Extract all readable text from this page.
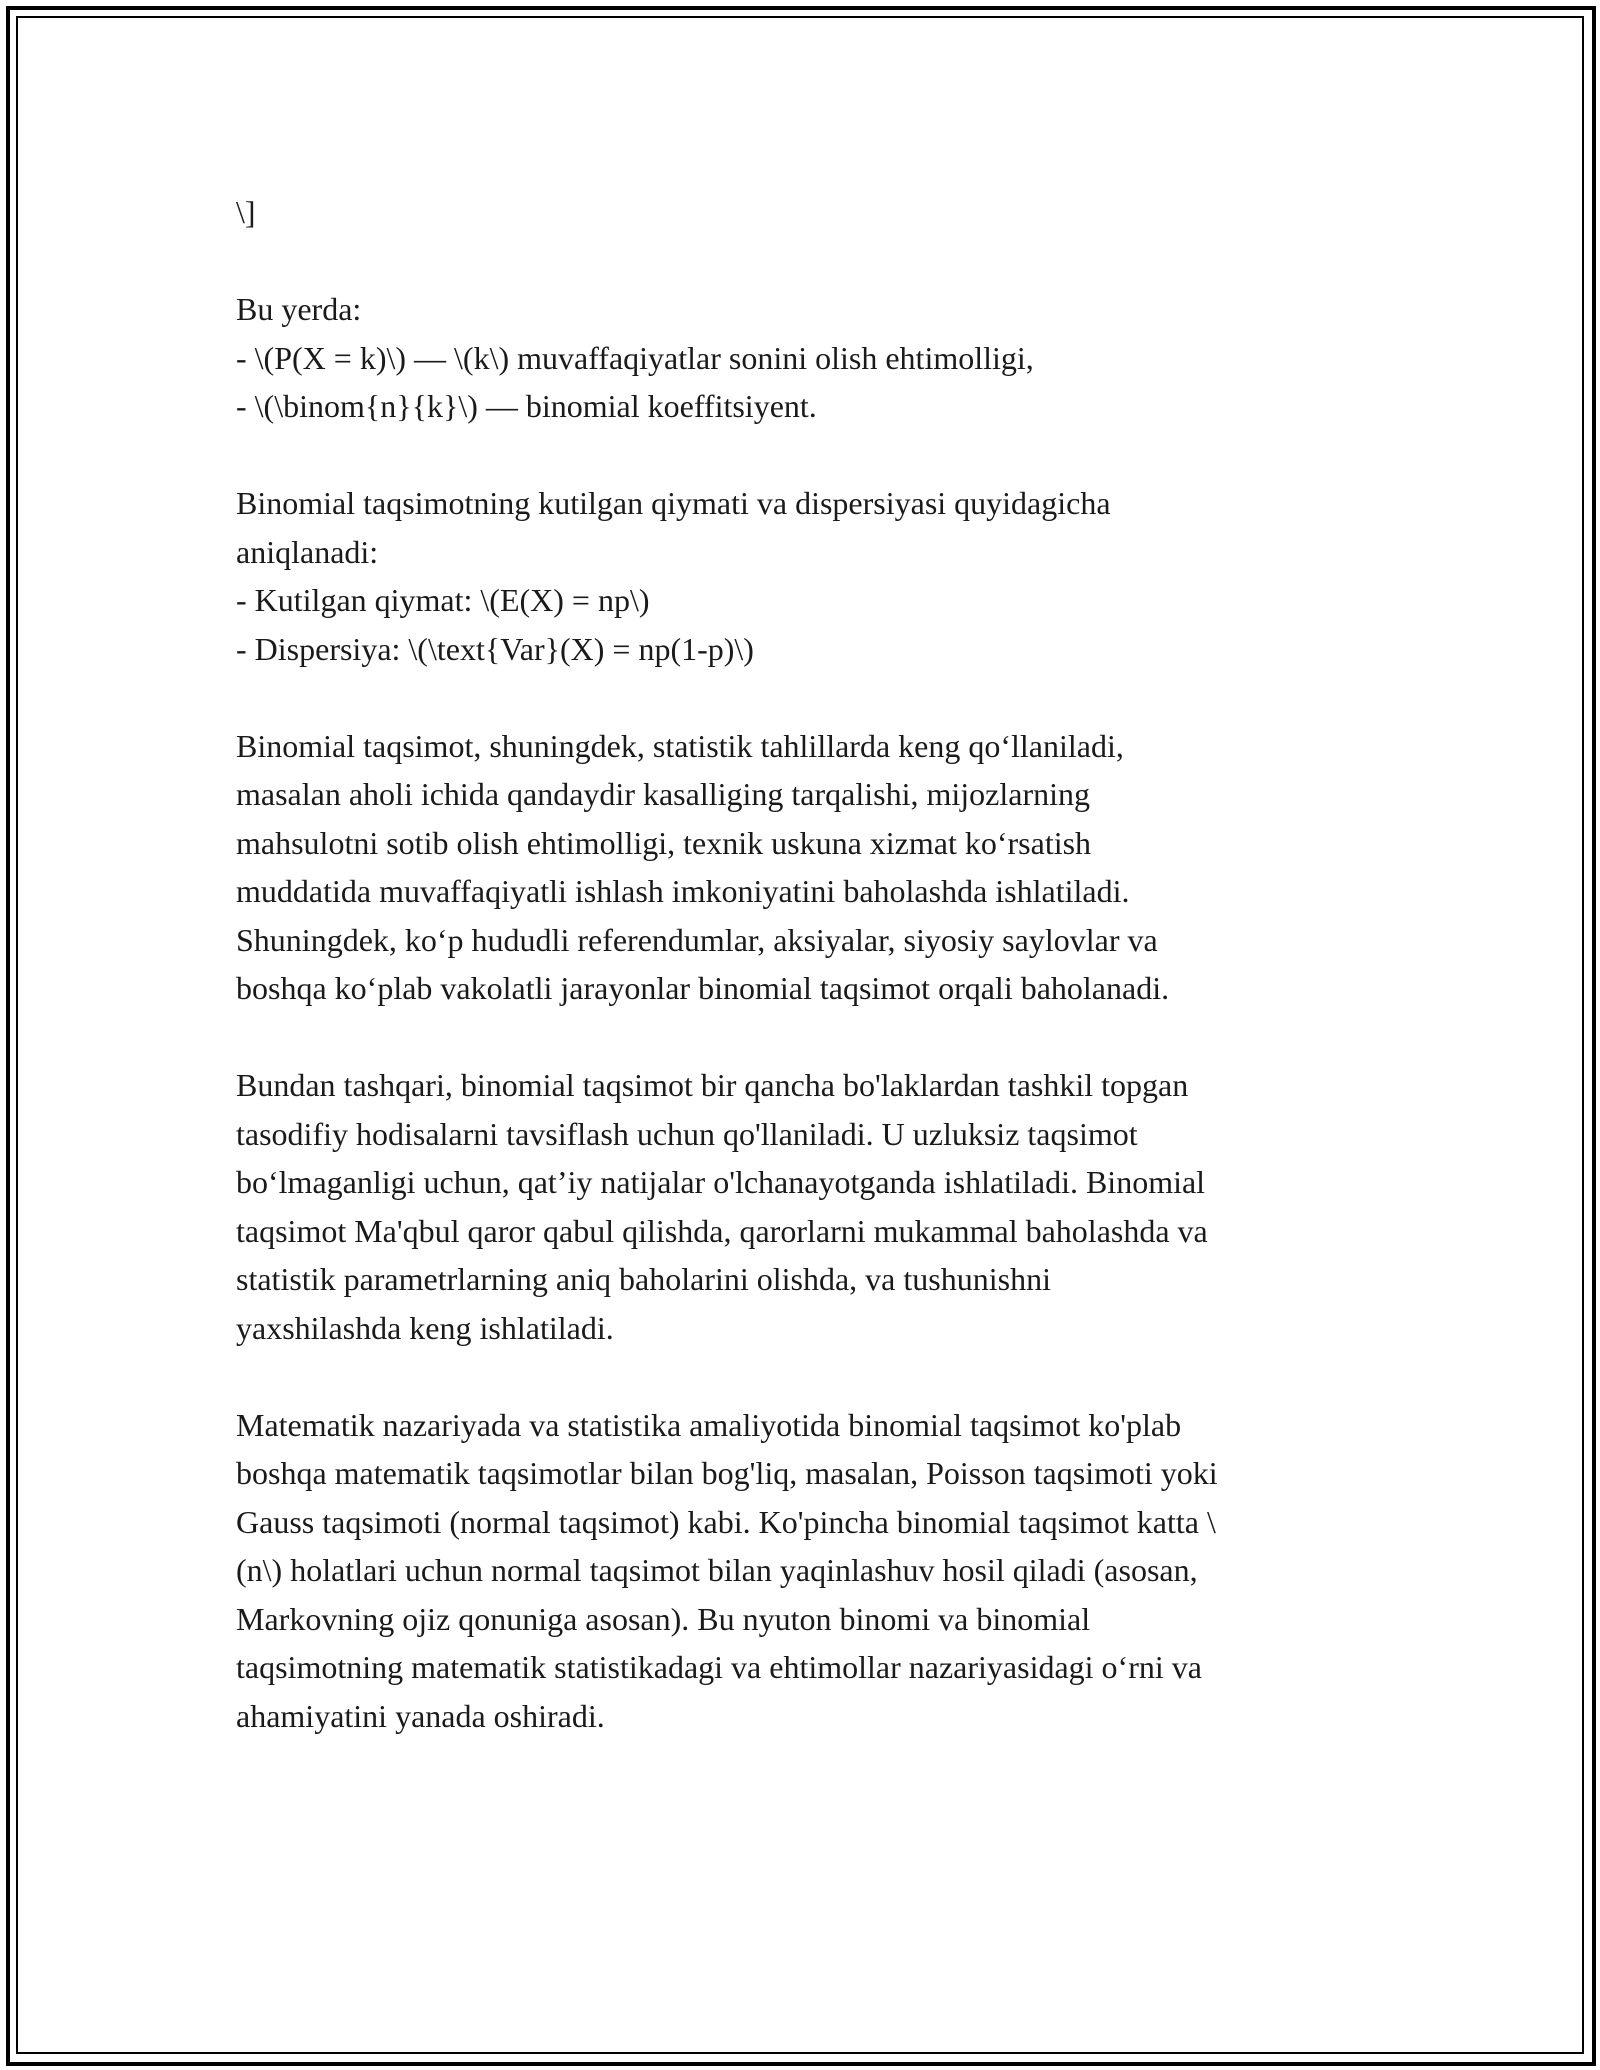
\]
Bu yerda:
- \(P(X = k)\) — \(k\) muvaffaqiyatlar sonini olish ehtimolligi,
- \(\binom{n}{k}\) — binomial koeffitsiyent.
Binomial taqsimotning kutilgan qiymati va dispersiyasi quyidagicha
aniqlanadi:
- Kutilgan qiymat: \(E(X) = np\)
- Dispersiya: \(\text{Var}(X) = np(1-p)\)
Binomial taqsimot, shuningdek, statistik tahlillarda keng qo‘llaniladi,
masalan aholi ichida qandaydir kasalliging tarqalishi, mijozlarning
mahsulotni sotib olish ehtimolligi, texnik uskuna xizmat ko‘rsatish
muddatida muvaffaqiyatli ishlash imkoniyatini baholashda ishlatiladi.
Shuningdek, ko‘p hududli referendumlar, aksiyalar, siyosiy saylovlar va
boshqa ko‘plab vakolatli jarayonlar binomial taqsimot orqali baholanadi.
Bundan tashqari, binomial taqsimot bir qancha bo'laklardan tashkil topgan
tasodifiy hodisalarni tavsiflash uchun qo'llaniladi. U uzluksiz taqsimot
bo‘lmaganligi uchun, qat’iy natijalar o'lchanayotganda ishlatiladi. Binomial
taqsimot Ma'qbul qaror qabul qilishda, qarorlarni mukammal baholashda va
statistik parametrlarning aniq baholarini olishda, va tushunishni
yaxshilashda keng ishlatiladi.
Matematik nazariyada va statistika amaliyotida binomial taqsimot ko'plab
boshqa matematik taqsimotlar bilan bog'liq, masalan, Poisson taqsimoti yoki
Gauss taqsimoti (normal taqsimot) kabi. Ko'pincha binomial taqsimot katta \
(n\) holatlari uchun normal taqsimot bilan yaqinlashuv hosil qiladi (asosan,
Markovning ojiz qonuniga asosan). Bu nyuton binomi va binomial
taqsimotning matematik statistikadagi va ehtimollar nazariyasidagi o‘rni va
ahamiyatini yanada oshiradi.
